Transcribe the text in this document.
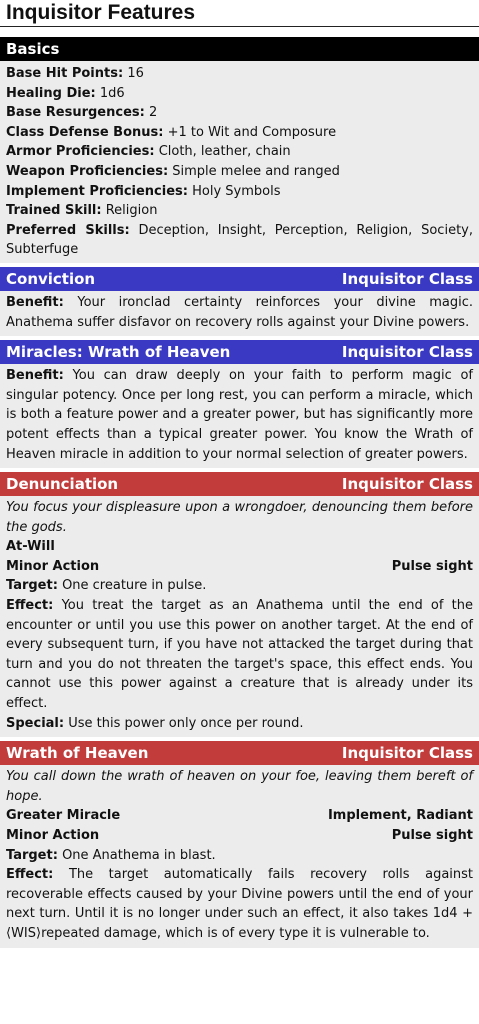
Inquisitor Features
Basics

Base Hit Points: 16

Healing Die: 1d6

Base Resurgences: 2

Class Defense Bonus: +1 to Wit and Composure

Armor Proficiencies: Cloth, leather, chain

Weapon Proficiencies: Simple melee and ranged

Implement Proficiencies: Holy Symbols

Trained Skill: Religion

Preferred Skills: Deception, Insight, Perception, Religion, Society, Subterfuge

Conviction	Inquisitor Class

Benefit: Your ironclad certainty reinforces your divine magic. Anathema suffer disfavor on recovery rolls against your Divine powers.

Miracles: Wrath of Heaven	Inquisitor Class

Benefit: You can draw deeply on your faith to perform magic of singular potency. Once per long rest, you can perform a miracle, which is both a feature power and a greater power, but has significantly more potent effects than a typical greater power. You know the Wrath of Heaven miracle in addition to your normal selection of greater powers.

Denunciation	Inquisitor Class

You focus your displeasure upon a wrongdoer, denouncing them before the gods.

At-Will

Minor Action	Pulse sight

Target: One creature in pulse.

Effect: You treat the target as an Anathema until the end of the encounter or until you use this power on another target. At the end of every subsequent turn, if you have not attacked the target during that turn and you do not threaten the target's space, this effect ends. You cannot use this power against a creature that is already under its effect.

Special: Use this power only once per round.

Wrath of Heaven	Inquisitor Class

You call down the wrath of heaven on your foe, leaving them bereft of hope.

Greater Miracle	Implement, Radiant
Minor Action	Pulse sight

Target: One Anathema in blast.

Effect: The target automatically fails recovery rolls against recoverable effects caused by your Divine powers until the end of your next turn. Until it is no longer under such an effect, it also takes 1d4 + ⟨WIS⟩repeated damage, which is of every type it is vulnerable to.
